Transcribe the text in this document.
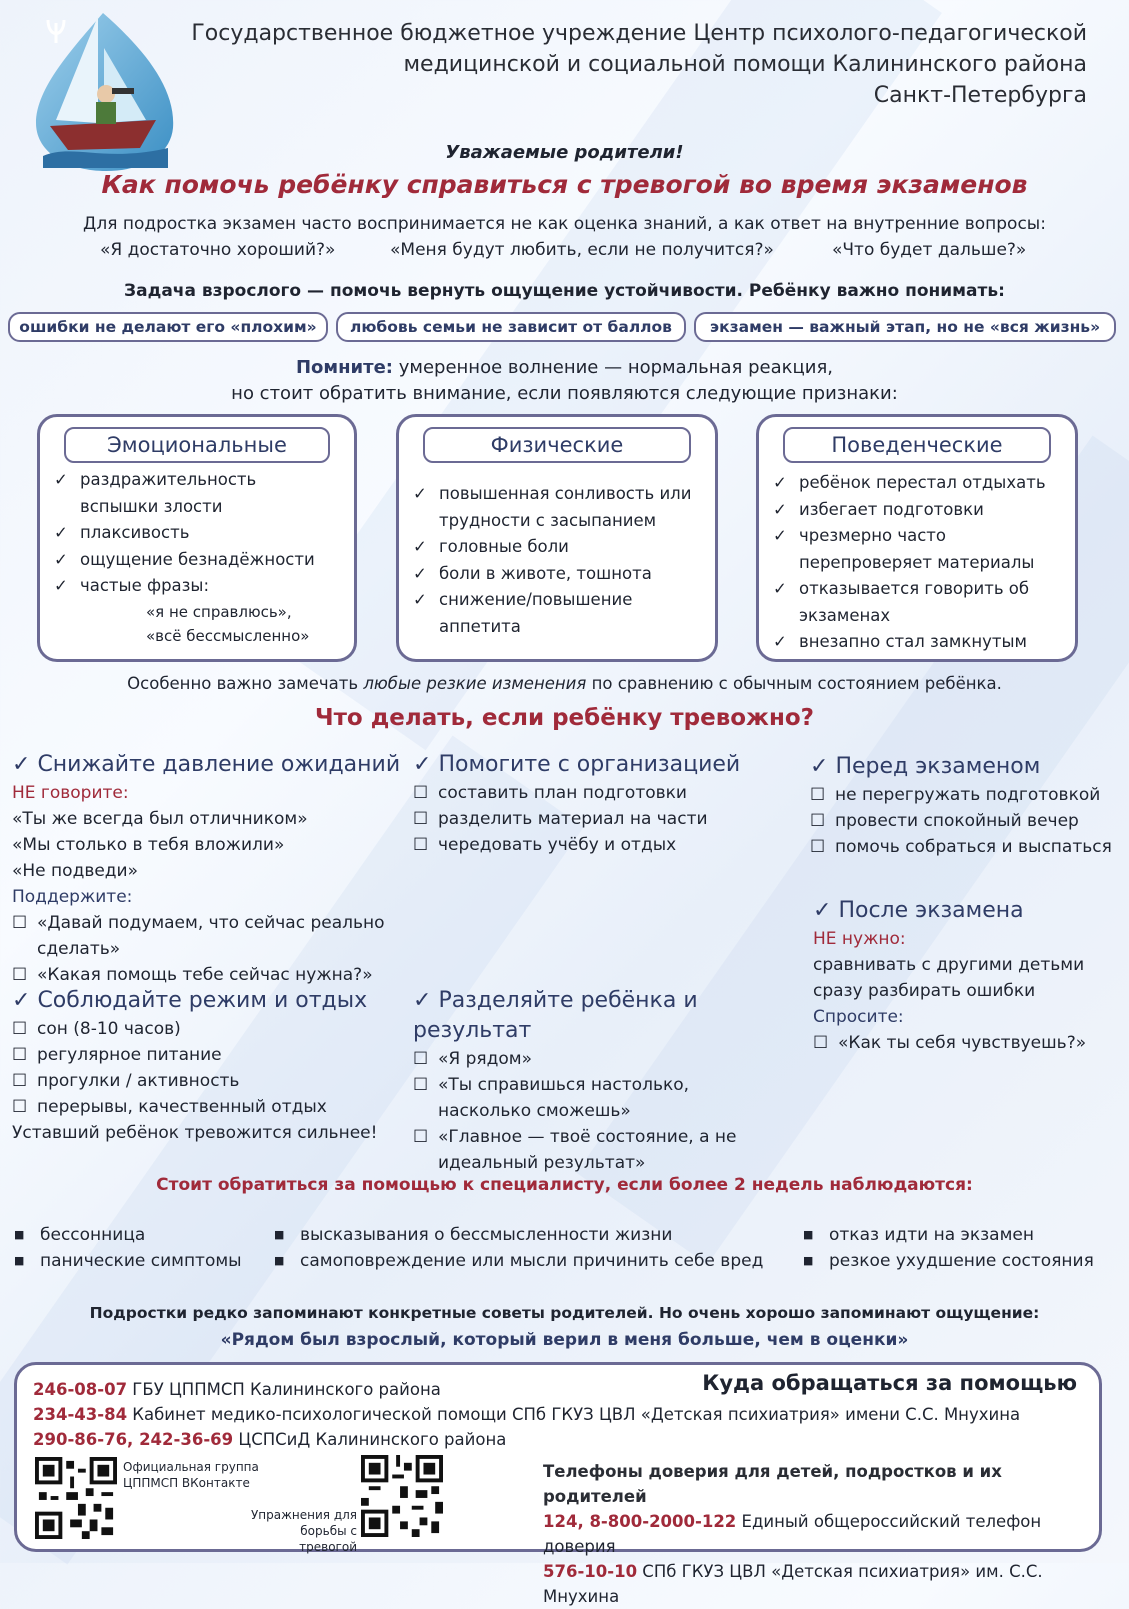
Государственное бюджетное учреждение Центр психолого-педагогической
медицинской и социальной помощи Калининского района
Санкт-Петербурга
Уважаемые родители!
Как помочь ребёнку справиться с тревогой во время экзаменов
Для подростка экзамен часто воспринимается не как оценка знаний, а как ответ на внутренние вопросы:
«Я достаточно хороший?»	«Меня будут любить, если не получится?»	«Что будет дальше?»
Задача взрослого — помочь вернуть ощущение устойчивости. Ребёнку важно понимать:
ошибки не делают его «плохим»	любовь семьи не зависит от баллов	экзамен — важный этап, но не «вся жизнь»
Помните: умеренное волнение — нормальная реакция,
но стоит обратить внимание, если появляются следующие признаки:
Эмоциональные
✓ раздражительность
вспышки злости
✓ плаксивость
✓ ощущение безнадёжности
✓ частые фразы:
«я не справлюсь»,
«всё бессмысленно»
Физические
✓ повышенная сонливость или
трудности с засыпанием
✓ головные боли
✓ боли в животе, тошнота
✓ снижение/повышение
аппетита
Поведенческие
✓ ребёнок перестал отдыхать
✓ избегает подготовки
✓ чрезмерно часто
перепроверяет материалы
✓ отказывается говорить об
экзаменах
✓ внезапно стал замкнутым
Особенно важно замечать любые резкие изменения по сравнению с обычным состоянием ребёнка.
Что делать, если ребёнку тревожно?
✓ Снижайте давление ожиданий
НЕ говорите:
«Ты же всегда был отличником»
«Мы столько в тебя вложили»
«Не подведи»
Поддержите:
☐ «Давай подумаем, что сейчас реально сделать»
☐ «Какая помощь тебе сейчас нужна?»
✓ Помогите с организацией
☐ составить план подготовки
☐ разделить материал на части
☐ чередовать учёбу и отдых
✓ Перед экзаменом
☐ не перегружать подготовкой
☐ провести спокойный вечер
☐ помочь собраться и выспаться
✓ После экзамена
НЕ нужно:
сравнивать с другими детьми
сразу разбирать ошибки
Спросите:
☐ «Как ты себя чувствуешь?»
✓ Соблюдайте режим и отдых
☐ сон (8-10 часов)
☐ регулярное питание
☐ прогулки / активность
☐ перерывы, качественный отдых
Уставший ребёнок тревожится сильнее!
✓ Разделяйте ребёнка и результат
☐ «Я рядом»
☐ «Ты справишься настолько, насколько сможешь»
☐ «Главное — твоё состояние, а не идеальный результат»
Стоит обратиться за помощью к специалисту, если более 2 недель наблюдаются:
■ бессонница
■ панические симптомы
■ высказывания о бессмысленности жизни
■ самоповреждение или мысли причинить себе вред
■ отказ идти на экзамен
■ резкое ухудшение состояния
Подростки редко запоминают конкретные советы родителей. Но очень хорошо запоминают ощущение:
«Рядом был взрослый, который верил в меня больше, чем в оценки»
Куда обращаться за помощью
246-08-07 ГБУ ЦППМСП Калининского района
234-43-84 Кабинет медико-психологической помощи СПб ГКУЗ ЦВЛ «Детская психиатрия» имени С.С. Мнухина
290-86-76, 242-36-69 ЦСПСиД Калининского района
Официальная группа
ЦППМСП ВКонтакте
Упражнения для
борьбы с тревогой
Телефоны доверия для детей, подростков и их родителей
124, 8-800-2000-122 Единый общероссийский телефон доверия
576-10-10 СПб ГКУЗ ЦВЛ «Детская психиатрия» им. С.С. Мнухина
